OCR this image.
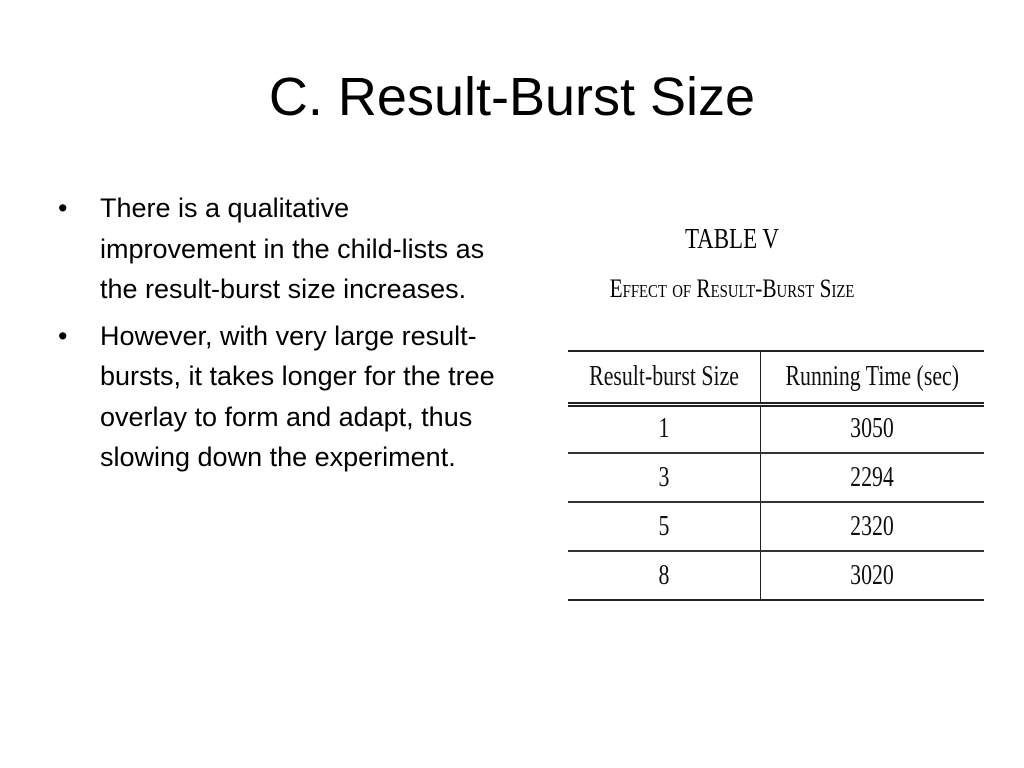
C. Result-Burst Size
•	There is a qualitative improvement in the child-lists as the result-burst size increases.
•	However, with very large result-bursts, it takes longer for the tree overlay to form and adapt, thus slowing down the experiment.
TABLE V
Effect of Result-Burst Size
Result-burst Size	Running Time (sec)
1	3050
3	2294
5	2320
8	3020
